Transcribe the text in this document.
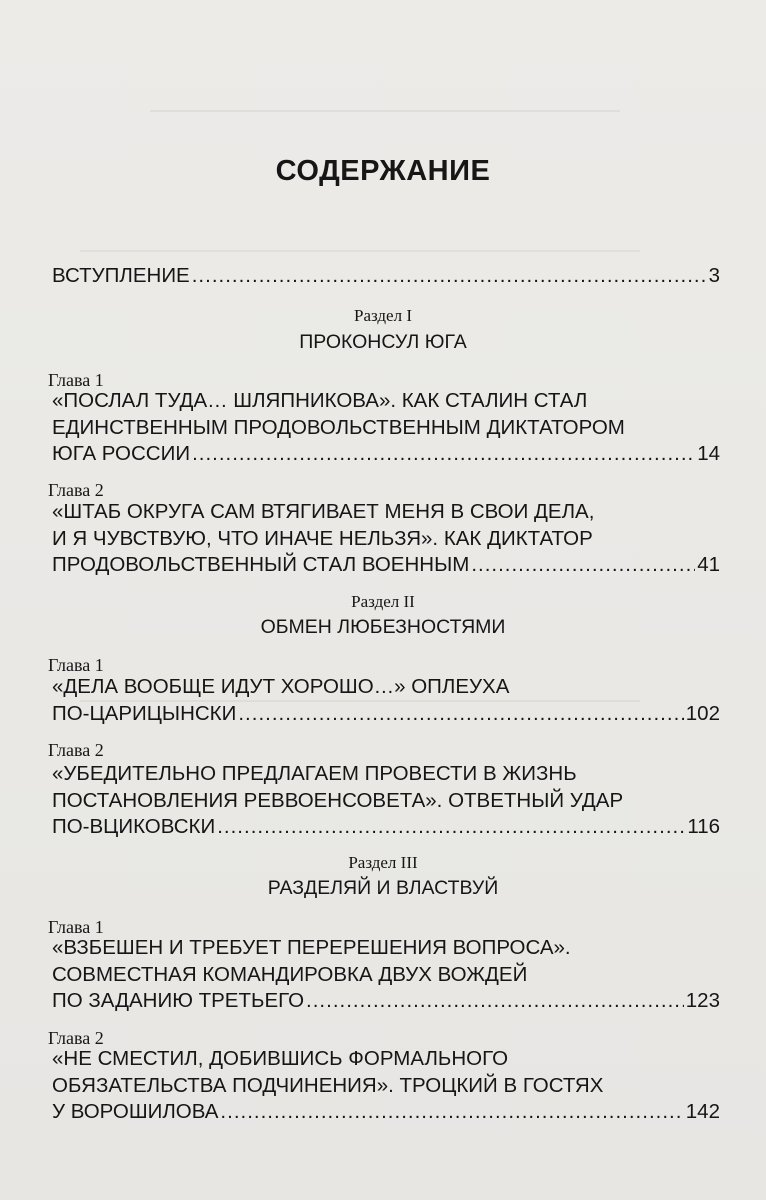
СОДЕРЖАНИЕ
ВСТУПЛЕНИЕ .....	3
Раздел I
ПРОКОНСУЛ ЮГА
Глава 1
«ПОСЛАЛ ТУДА… ШЛЯПНИКОВА». КАК СТАЛИН СТАЛ
ЕДИНСТВЕННЫМ ПРОДОВОЛЬСТВЕННЫМ ДИКТАТОРОМ
ЮГА РОССИИ .....	14
Глава 2
«ШТАБ ОКРУГА САМ ВТЯГИВАЕТ МЕНЯ В СВОИ ДЕЛА,
И Я ЧУВСТВУЮ, ЧТО ИНАЧЕ НЕЛЬЗЯ». КАК ДИКТАТОР
ПРОДОВОЛЬСТВЕННЫЙ СТАЛ ВОЕННЫМ .....	41
Раздел II
ОБМЕН ЛЮБЕЗНОСТЯМИ
Глава 1
«ДЕЛА ВООБЩЕ ИДУТ ХОРОШО…» ОПЛЕУХА
ПО-ЦАРИЦЫНСКИ .....	102
Глава 2
«УБЕДИТЕЛЬНО ПРЕДЛАГАЕМ ПРОВЕСТИ В ЖИЗНЬ
ПОСТАНОВЛЕНИЯ РЕВВОЕНСОВЕТА». ОТВЕТНЫЙ УДАР
ПО-ВЦИКОВСКИ .....	116
Раздел III
РАЗДЕЛЯЙ И ВЛАСТВУЙ
Глава 1
«ВЗБЕШЕН И ТРЕБУЕТ ПЕРЕРЕШЕНИЯ ВОПРОСА».
СОВМЕСТНАЯ КОМАНДИРОВКА ДВУХ ВОЖДЕЙ
ПО ЗАДАНИЮ ТРЕТЬЕГО .....	123
Глава 2
«НЕ СМЕСТИЛ, ДОБИВШИСЬ ФОРМАЛЬНОГО
ОБЯЗАТЕЛЬСТВА ПОДЧИНЕНИЯ». ТРОЦКИЙ В ГОСТЯХ
У ВОРОШИЛОВА .....	142
